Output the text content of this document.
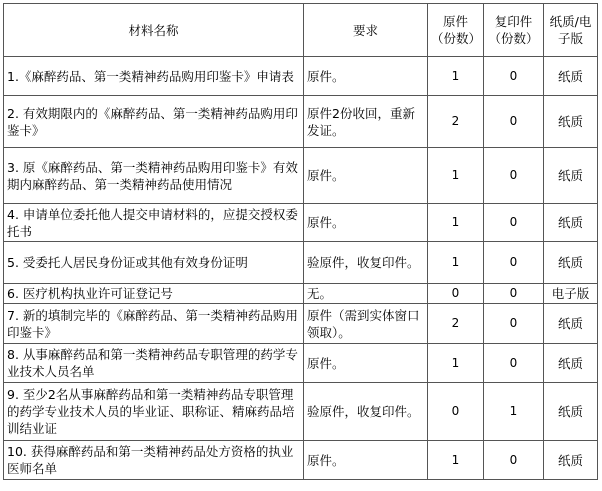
材料名称	要求	原件（份数）	复印件（份数）	纸质/电子版
1.《麻醉药品、第一类精神药品购用印鉴卡》申请表	原件。	1	0	纸质
2. 有效期限内的《麻醉药品、第一类精神药品购用印鉴卡》	原件2份收回，重新发证。	2	0	纸质
3. 原《麻醉药品、第一类精神药品购用印鉴卡》有效期内麻醉药品、第一类精神药品使用情况	原件。	1	0	纸质
4. 申请单位委托他人提交申请材料的，应提交授权委托书	原件。	1	0	纸质
5. 受委托人居民身份证或其他有效身份证明	验原件，收复印件。	1	0	纸质
6. 医疗机构执业许可证登记号	无。	0	0	电子版
7. 新的填制完毕的《麻醉药品、第一类精神药品购用印鉴卡》	原件（需到实体窗口领取）。	2	0	纸质
8. 从事麻醉药品和第一类精神药品专职管理的药学专业技术人员名单	原件。	1	0	纸质
9. 至少2名从事麻醉药品和第一类精神药品专职管理的药学专业技术人员的毕业证、职称证、精麻药品培训结业证	验原件，收复印件。	0	1	纸质
10. 获得麻醉药品和第一类精神药品处方资格的执业医师名单	原件。	1	0	纸质
